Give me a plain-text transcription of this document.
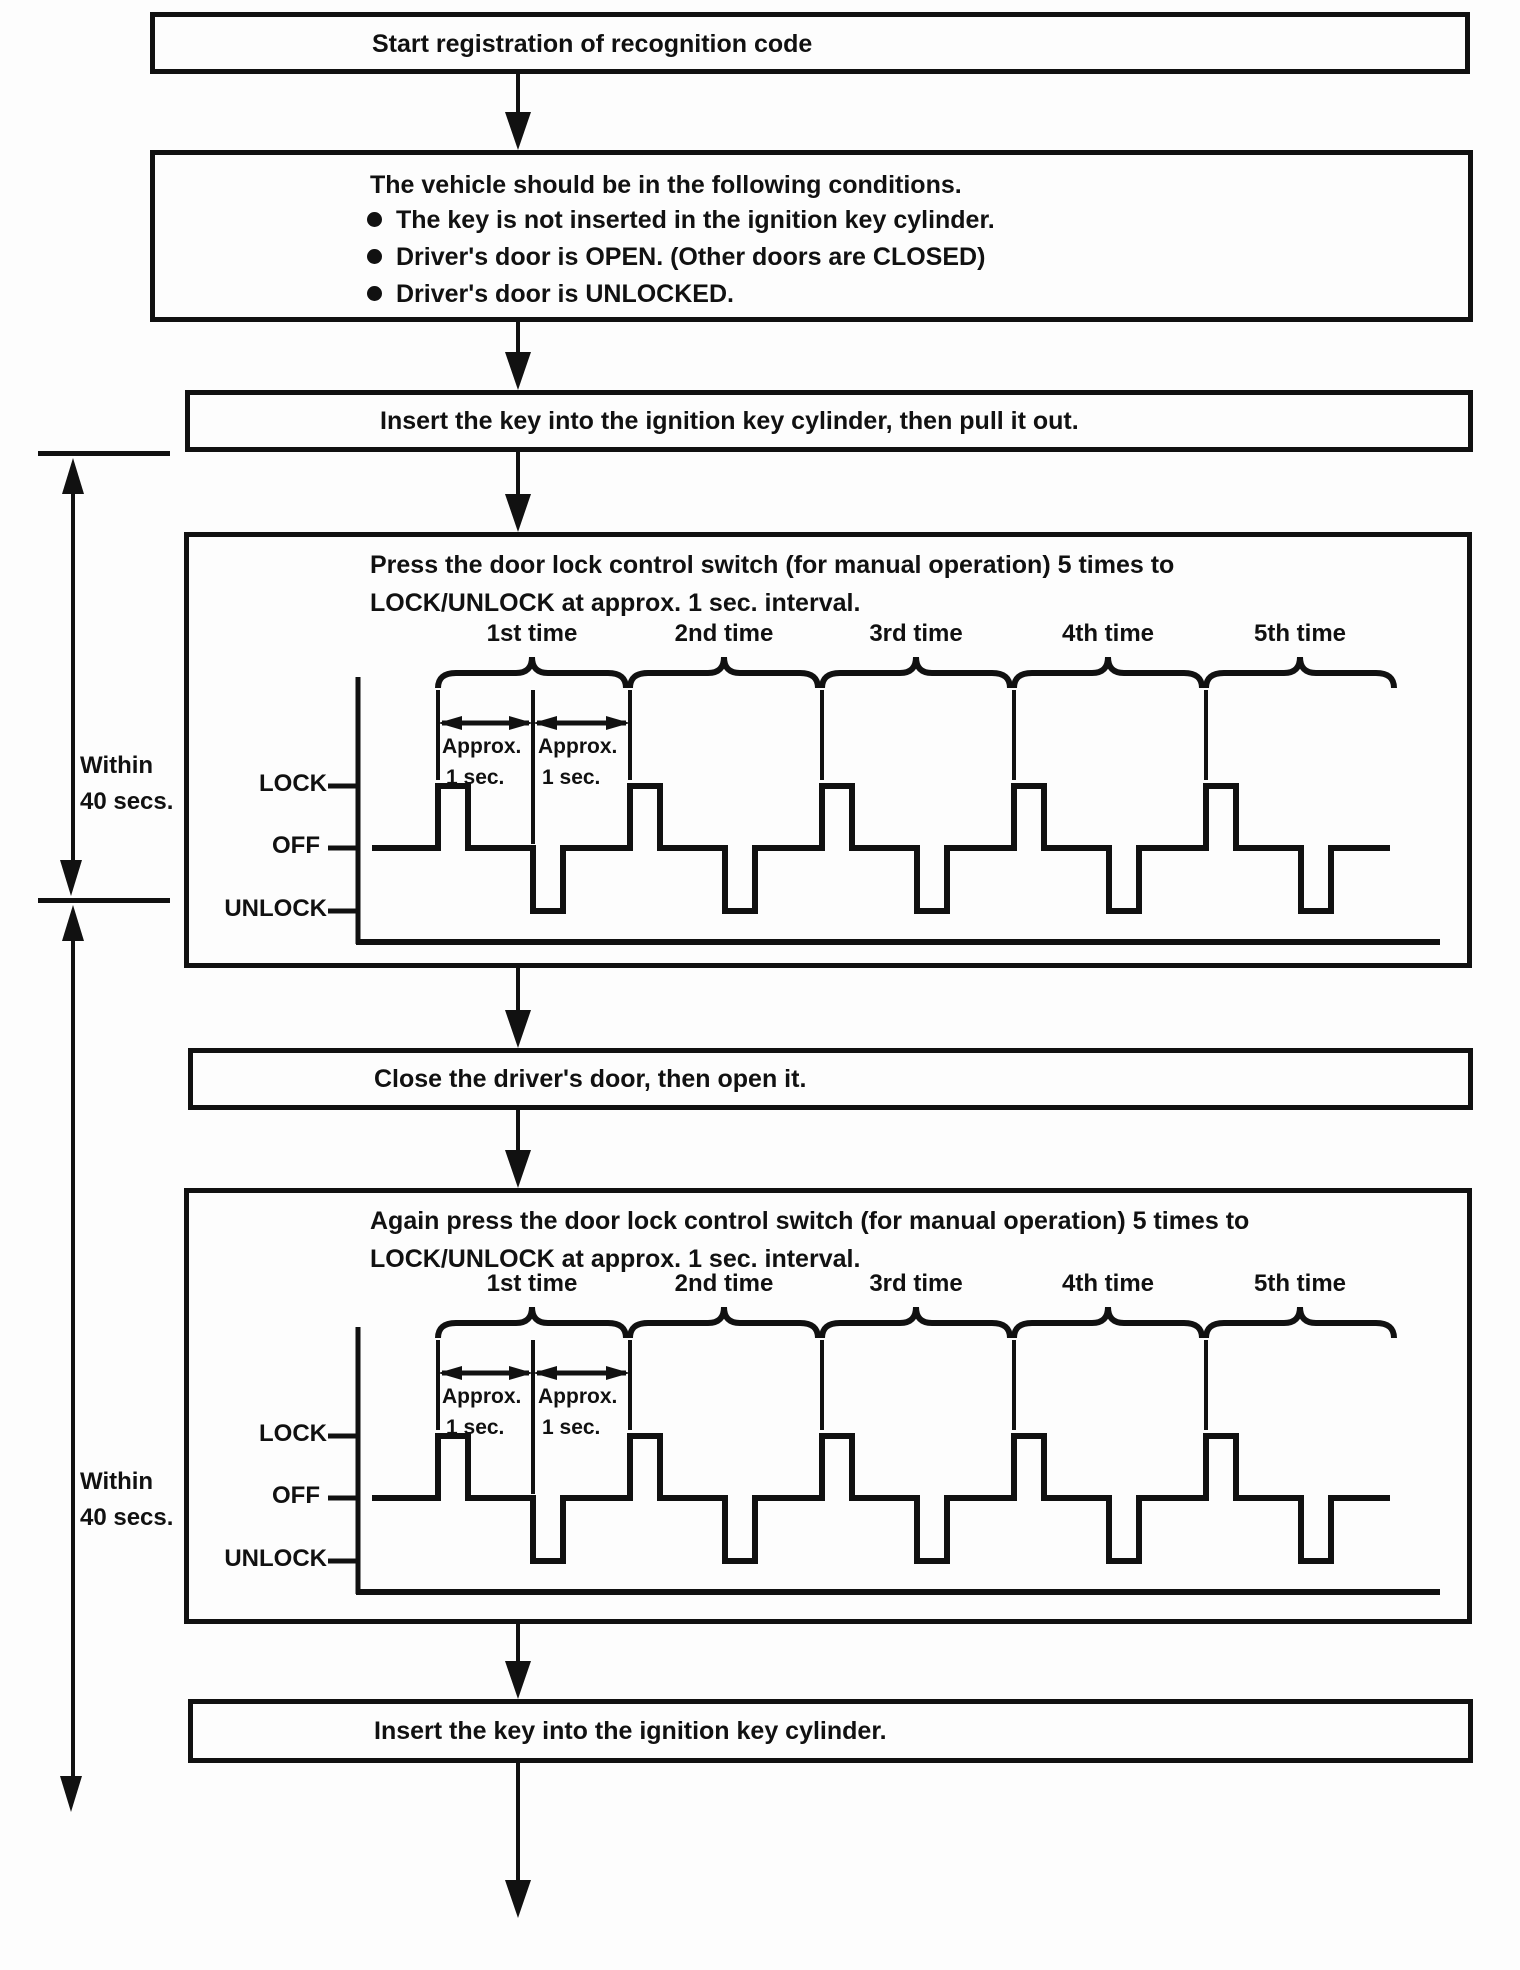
Start registration of recognition code
The vehicle should be in the following conditions.
The key is not inserted in the ignition key cylinder.
Driver's door is OPEN. (Other doors are CLOSED)
Driver's door is UNLOCKED.
Insert the key into the ignition key cylinder, then pull it out.
Press the door lock control switch (for manual operation) 5 times to
LOCK/UNLOCK at approx. 1 sec. interval.
Close the driver's door, then open it.
Again press the door lock control switch (for manual operation) 5 times to
LOCK/UNLOCK at approx. 1 sec. interval.
Insert the key into the ignition key cylinder.
Within
40 secs.
Within
40 secs.
1st time	2nd time	3rd time	4th time	5th time
Approx.
1 sec.
Approx.
1 sec.
LOCK
OFF
UNLOCK
1st time	2nd time	3rd time	4th time	5th time
Approx.
1 sec.
Approx.
1 sec.
LOCK
OFF
UNLOCK
